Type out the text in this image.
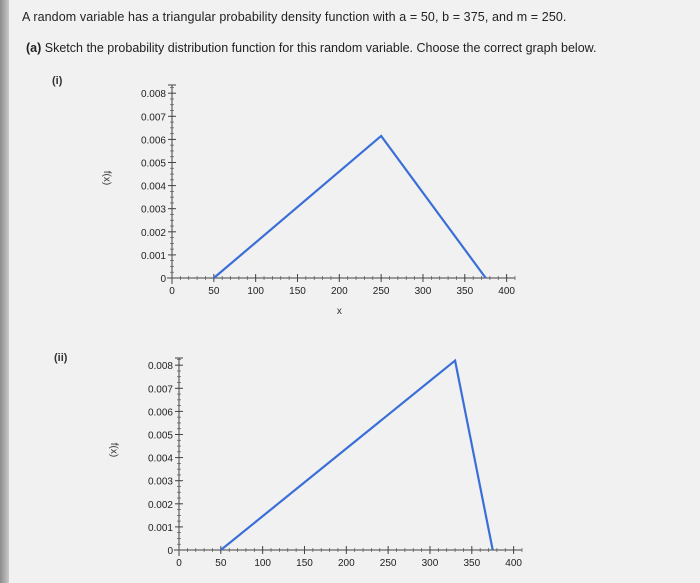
A random variable has a triangular probability density function with a = 50, b = 375, and m = 250.
(a) Sketch the probability distribution function for this random variable. Choose the correct graph below.
(i)
(ii)
0
0.001
0.002
0.003
0.004
0.005
0.006
0.007
0.008
0	50	100	150	200	250	300	350	400
f(x)
x
0
0.001
0.002
0.003
0.004
0.005
0.006
0.007
0.008
0	50	100	150	200	250	300	350	400
f(x)
